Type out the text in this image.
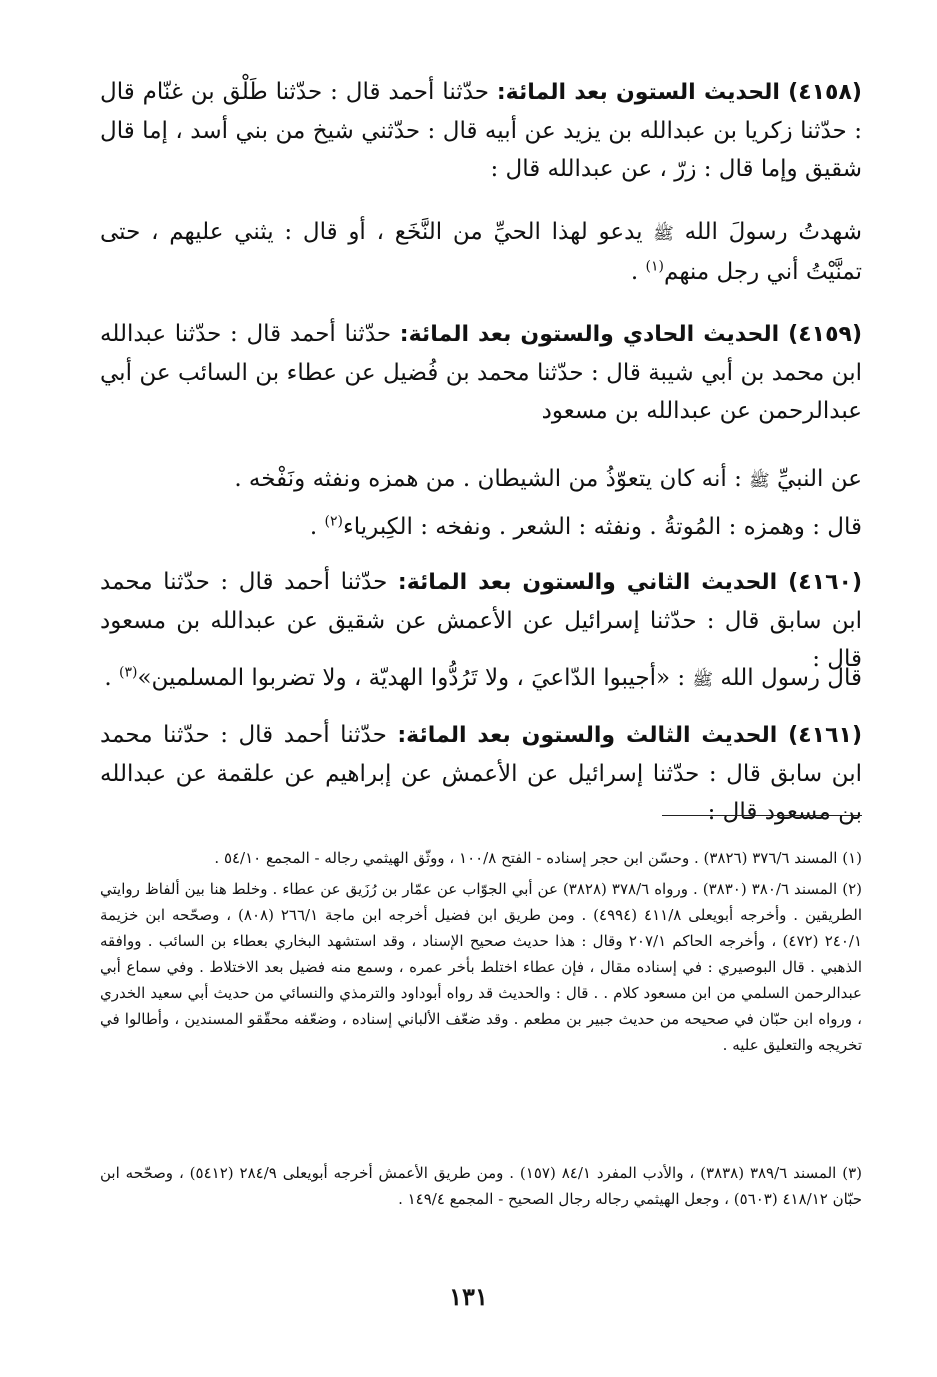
(٤١٥٨) الحديث الستون بعد المائة: حدّثنا أحمد قال : حدّثنا طَلْق بن غنّام قال : حدّثنا زكريا بن عبدالله بن يزيد عن أبيه قال : حدّثني شيخ من بني أسد ، إما قال شقيق وإما قال : زرّ ، عن عبدالله قال :

شهدتُ رسولَ الله ﷺ يدعو لهذا الحيِّ من النَّخَع ، أو قال : يثني عليهم ، حتى تمنَّيْتُ أني رجل منهم$^{(١)}$ .

(٤١٥٩) الحديث الحادي والستون بعد المائة: حدّثنا أحمد قال : حدّثنا عبدالله ابن محمد بن أبي شيبة قال : حدّثنا محمد بن فُضيل عن عطاء بن السائب عن أبي عبدالرحمن عن عبدالله بن مسعود

عن النبيِّ ﷺ : أنه كان يتعوّذُ من الشيطان . من همزه ونفثه ونَفْخه .

قال : وهمزه : المُوتةُ . ونفثه : الشعر . ونفخه : الكِبرياء$^{(٢)}$ .

(٤١٦٠) الحديث الثاني والستون بعد المائة: حدّثنا أحمد قال : حدّثنا محمد ابن سابق قال : حدّثنا إسرائيل عن الأعمش عن شقيق عن عبدالله بن مسعود قال :

قال رسول الله ﷺ : «أجيبوا الدّاعيَ ، ولا تَرُدُّوا الهديّة ، ولا تضربوا المسلمين»$^{(٣)}$ .

(٤١٦١) الحديث الثالث والستون بعد المائة: حدّثنا أحمد قال : حدّثنا محمد ابن سابق قال : حدّثنا إسرائيل عن الأعمش عن إبراهيم عن علقمة عن عبدالله بن مسعود قال :

(١) المسند ٣٧٦/٦ (٣٨٢٦) . وحسّن ابن حجر إسناده - الفتح ١٠٠/٨ ، ووثّق الهيثمي رجاله - المجمع ٥٤/١٠ .

(٢) المسند ٣٨٠/٦ (٣٨٣٠) . ورواه ٣٧٨/٦ (٣٨٢٨) عن أبي الجوّاب عن عمّار بن رُزَيق عن عطاء . وخلط هنا بين ألفاظ روايتي الطريقين . وأخرجه أبويعلى ٤١١/٨ (٤٩٩٤) . ومن طريق ابن فضيل أخرجه ابن ماجة ٢٦٦/١ (٨٠٨) ، وصحّحه ابن خزيمة ٢٤٠/١ (٤٧٢) ، وأخرجه الحاكم ٢٠٧/١ وقال : هذا حديث صحيح الإسناد ، وقد استشهد البخاري بعطاء بن السائب . ووافقه الذهبي . قال البوصيري : في إسناده مقال ، فإن عطاء اختلط بأخر عمره ، وسمع منه فضيل بعد الاختلاط . وفي سماع أبي عبدالرحمن السلمي من ابن مسعود كلام . . قال : والحديث قد رواه أبوداود والترمذي والنسائي من حديث أبي سعيد الخدري ، ورواه ابن حبّان في صحيحه من حديث جبير بن مطعم . وقد ضعّف الألباني إسناده ، وضعّفه محقّقو المسندين ، وأطالوا في تخريجه والتعليق عليه .

(٣) المسند ٣٨٩/٦ (٣٨٣٨) ، والأدب المفرد ٨٤/١ (١٥٧) . ومن طريق الأعمش أخرجه أبويعلى ٢٨٤/٩ (٥٤١٢) ، وصحّحه ابن حبّان ٤١٨/١٢ (٥٦٠٣) ، وجعل الهيثمي رجاله رجال الصحيح - المجمع ١٤٩/٤ .

١٣١
